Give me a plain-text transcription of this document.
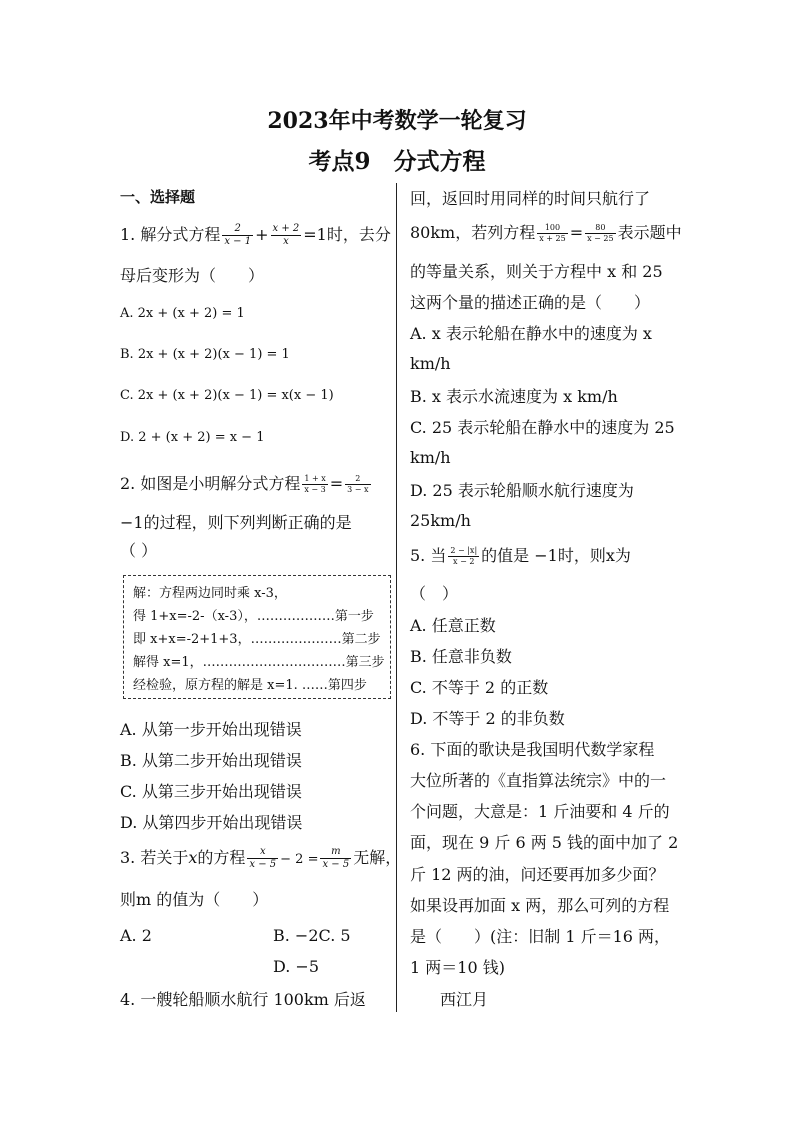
2023年中考数学一轮复习
考点9　分式方程
一、选择题
1. 解分式方程 $\frac{2}{x - 1} + \frac{x + 2}{x} =1$时，去分
母后变形为（　　）
A. 2x + (x + 2) = 1
B. 2x + (x + 2)(x − 1) = 1
C. 2x + (x + 2)(x − 1) = x(x − 1)
D. 2 + (x + 2) = x − 1
2. 如图是小明解分式方程 $\frac{1 + x}{x - 3} = \frac{2}{3 - x}$
−1的过程，则下列判断正确的是
（ ）
解：方程两边同时乘 x-3，
得 1+x=-2-（x-3），………………第一步
即 x+x=-2+1+3，…………………第二步
解得 x=1，……………………………第三步
经检验，原方程的解是 x=1. ……第四步
A. 从第一步开始出现错误
B. 从第二步开始出现错误
C. 从第三步开始出现错误
D. 从第四步开始出现错误
3. 若关于x的方程 $\frac{x}{x - 5} - 2 = \frac{m}{x - 5}$ 无解，
则m 的值为（　　）
A. 2	B. −2C. 5
D. −5
4. 一艘轮船顺水航行 100km 后返
回，返回时用同样的时间只航行了
80km，若列方程 $\frac{100}{x + 25} = \frac{80}{x - 25}$ 表示题中
的等量关系，则关于方程中 x 和 25
这两个量的描述正确的是（　　）
A. x 表示轮船在静水中的速度为 x
km/h
B. x 表示水流速度为 x km/h
C. 25 表示轮船在静水中的速度为 25
km/h
D. 25 表示轮船顺水航行速度为
25km/h
5. 当 $\frac{2 - |x|}{x - 2}$ 的值是 −1时，则x为
（　）
A. 任意正数
B. 任意非负数
C. 不等于 2 的正数
D. 不等于 2 的非负数
6. 下面的歌诀是我国明代数学家程
大位所著的《直指算法统宗》中的一
个问题，大意是：1 斤油要和 4 斤的
面，现在 9 斤 6 两 5 钱的面中加了 2
斤 12 两的油，问还要再加多少面？
如果设再加面 x 两，那么可列的方程
是（　　）(注：旧制 1 斤＝16 两，
1 两＝10 钱)
西江月
